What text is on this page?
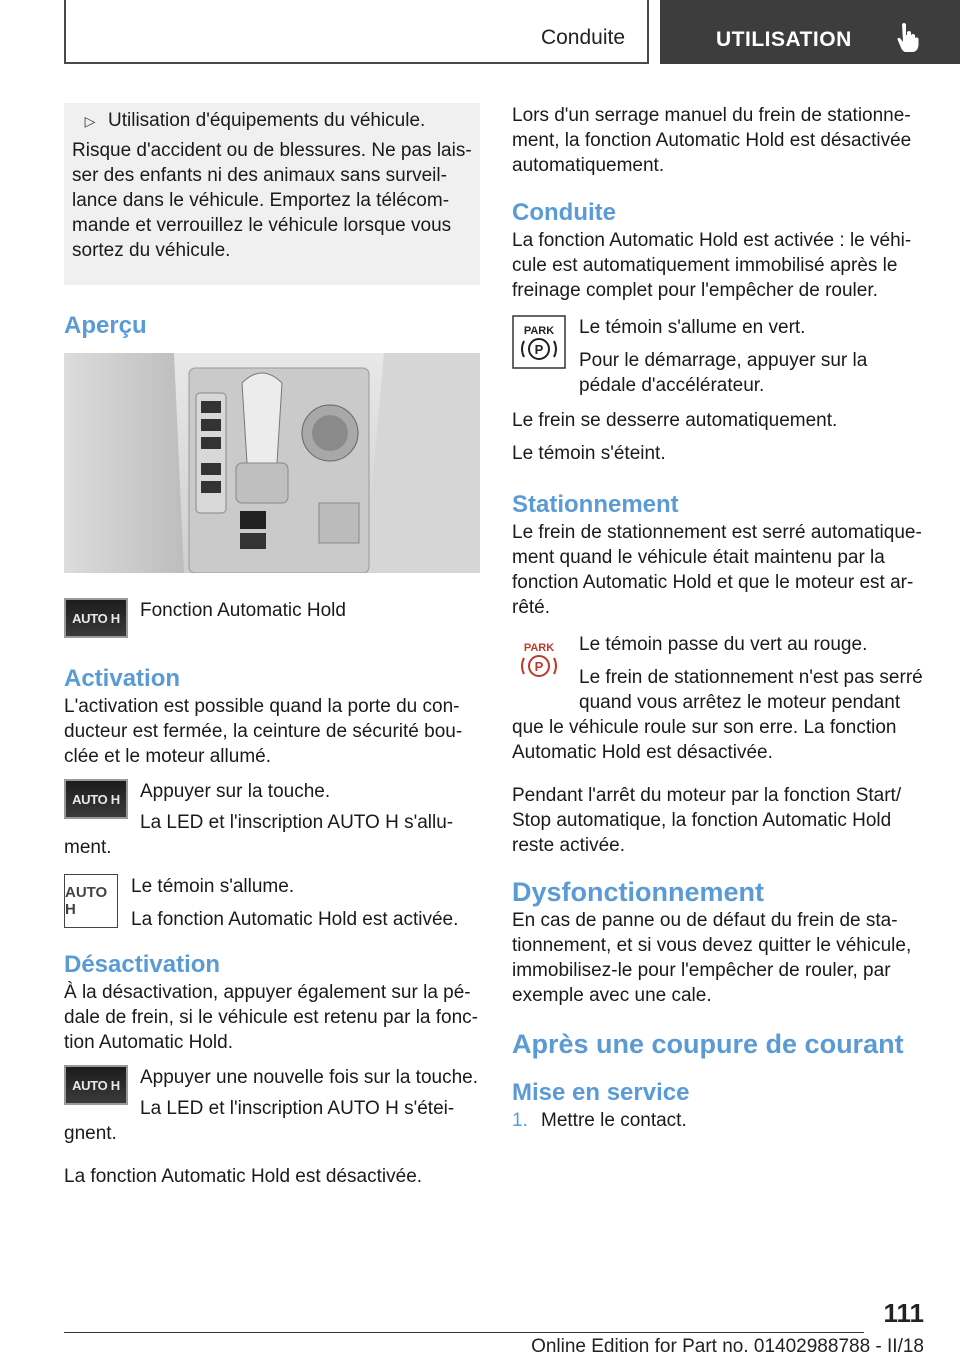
Conduite	UTILISATION
▷ Utilisation d'équipements du véhicule.

Risque d'accident ou de blessures. Ne pas lais-ser des enfants ni des animaux sans surveil-lance dans le véhicule. Emportez la télécom-mande et verrouillez le véhicule lorsque vous sortez du véhicule.

Aperçu
AUTO H	Fonction Automatic Hold

Activation

L'activation est possible quand la porte du con-ducteur est fermée, la ceinture de sécurité bou-clée et le moteur allumé.

AUTO H	Appuyer sur la touche.

La LED et l'inscription AUTO H s'allu-ment.

AUTO H

Le témoin s'allume.

La fonction Automatic Hold est activée.

Désactivation

À la désactivation, appuyer également sur la pé-dale de frein, si le véhicule est retenu par la fonc-tion Automatic Hold.

AUTO H	Appuyer une nouvelle fois sur la touche.

La LED et l'inscription AUTO H s'étei-gnent.

La fonction Automatic Hold est désactivée.

Lors d'un serrage manuel du frein de stationne-ment, la fonction Automatic Hold est désactivée automatiquement.

Conduite

La fonction Automatic Hold est activée : le véhi-cule est automatiquement immobilisé après le freinage complet pour l'empêcher de rouler.

PARK
P

Le témoin s'allume en vert.

Pour le démarrage, appuyer sur la pédale d'accélérateur.

Le frein se desserre automatiquement.

Le témoin s'éteint.

Stationnement

Le frein de stationnement est serré automatique-ment quand le véhicule était maintenu par la fonction Automatic Hold et que le moteur est ar-rêté.

PARK
P

Le témoin passe du vert au rouge.

Le frein de stationnement n'est pas serré quand vous arrêtez le moteur pendant

que le véhicule roule sur son erre. La fonction Automatic Hold est désactivée.

Pendant l'arrêt du moteur par la fonction Start/ Stop automatique, la fonction Automatic Hold reste activée.

Dysfonctionnement

En cas de panne ou de défaut du frein de sta-tionnement, et si vous devez quitter le véhicule, immobilisez-le pour l'empêcher de rouler, par exemple avec une cale.

Après une coupure de courant
Mise en service
1. Mettre le contact.
111
Online Edition for Part no. 01402988788 - II/18
